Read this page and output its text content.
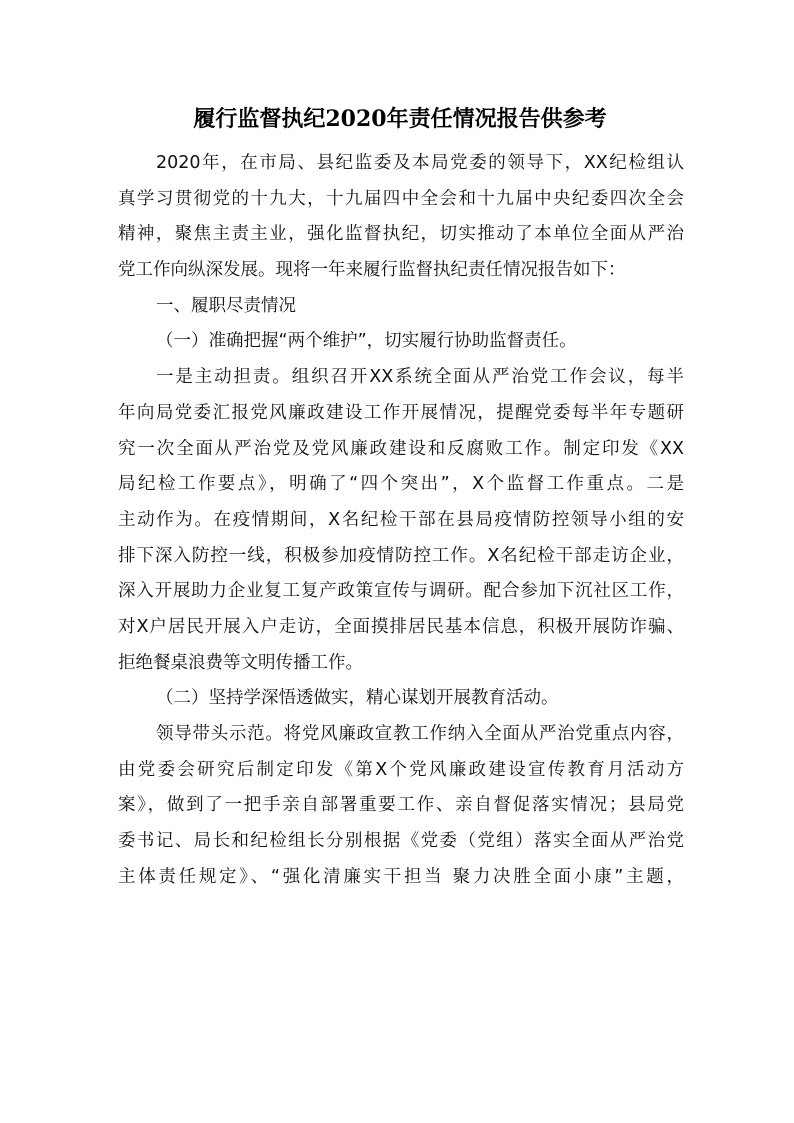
履行监督执纪2020年责任情况报告供参考
2020年，在市局、县纪监委及本局党委的领导下，XX纪检组认
真学习贯彻党的十九大，十九届四中全会和十九届中央纪委四次全会
精神，聚焦主责主业，强化监督执纪，切实推动了本单位全面从严治
党工作向纵深发展。现将一年来履行监督执纪责任情况报告如下：
一、履职尽责情况
（一）准确把握“两个维护”，切实履行协助监督责任。
一是主动担责。组织召开XX系统全面从严治党工作会议，每半
年向局党委汇报党风廉政建设工作开展情况，提醒党委每半年专题研
究一次全面从严治党及党风廉政建设和反腐败工作。制定印发《XX
局纪检工作要点》，明确了“四个突出”，X个监督工作重点。二是
主动作为。在疫情期间，X名纪检干部在县局疫情防控领导小组的安
排下深入防控一线，积极参加疫情防控工作。X名纪检干部走访企业，
深入开展助力企业复工复产政策宣传与调研。配合参加下沉社区工作，
对X户居民开展入户走访，全面摸排居民基本信息，积极开展防诈骗、
拒绝餐桌浪费等文明传播工作。
（二）坚持学深悟透做实，精心谋划开展教育活动。
领导带头示范。将党风廉政宣教工作纳入全面从严治党重点内容，
由党委会研究后制定印发《第X个党风廉政建设宣传教育月活动方
案》，做到了一把手亲自部署重要工作、亲自督促落实情况；县局党
委书记、局长和纪检组长分别根据《党委（党组）落实全面从严治党
主体责任规定》、“强化清廉实干担当 聚力决胜全面小康”主题，
